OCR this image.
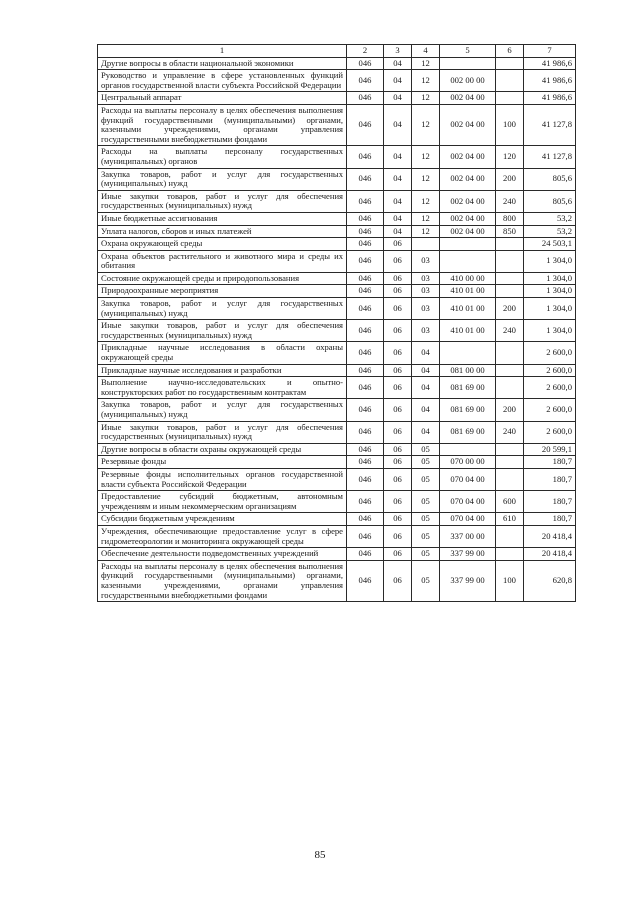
1	2	3	4	5	6	7
Другие вопросы в области национальной экономики	046	04	12			41 986,6
Руководство и управление в сфере установленных функций органов государственной власти субъекта Российской Федерации	046	04	12	002 00 00		41 986,6
Центральный аппарат	046	04	12	002 04 00		41 986,6
Расходы на выплаты персоналу в целях обеспечения выполнения функций государственными (муниципальными) органами, казенными учреждениями, органами управления государственными внебюджетными фондами	046	04	12	002 04 00	100	41 127,8
Расходы на выплаты персоналу государственных (муниципальных) органов	046	04	12	002 04 00	120	41 127,8
Закупка товаров, работ и услуг для государственных (муниципальных) нужд	046	04	12	002 04 00	200	805,6
Иные закупки товаров, работ и услуг для обеспечения государственных (муниципальных) нужд	046	04	12	002 04 00	240	805,6
Иные бюджетные ассигнования	046	04	12	002 04 00	800	53,2
Уплата налогов, сборов и иных платежей	046	04	12	002 04 00	850	53,2
Охрана окружающей среды	046	06				24 503,1
Охрана объектов растительного и животного мира и среды их обитания	046	06	03			1 304,0
Состояние окружающей среды и природопользования	046	06	03	410 00 00		1 304,0
Природоохранные мероприятия	046	06	03	410 01 00		1 304,0
Закупка товаров, работ и услуг для государственных (муниципальных) нужд	046	06	03	410 01 00	200	1 304,0
Иные закупки товаров, работ и услуг для обеспечения государственных (муниципальных) нужд	046	06	03	410 01 00	240	1 304,0
Прикладные научные исследования в области охраны окружающей среды	046	06	04			2 600,0
Прикладные научные исследования и разработки	046	06	04	081 00 00		2 600,0
Выполнение научно-исследовательских и опытно-конструкторских работ по государственным контрактам	046	06	04	081 69 00		2 600,0
Закупка товаров, работ и услуг для государственных (муниципальных) нужд	046	06	04	081 69 00	200	2 600,0
Иные закупки товаров, работ и услуг для обеспечения государственных (муниципальных) нужд	046	06	04	081 69 00	240	2 600,0
Другие вопросы в области охраны окружающей среды	046	06	05			20 599,1
Резервные фонды	046	06	05	070 00 00		180,7
Резервные фонды исполнительных органов государственной власти субъекта Российской Федерации	046	06	05	070 04 00		180,7
Предоставление субсидий бюджетным, автономным учреждениям и иным некоммерческим организациям	046	06	05	070 04 00	600	180,7
Субсидии бюджетным учреждениям	046	06	05	070 04 00	610	180,7
Учреждения, обеспечивающие предоставление услуг в сфере гидрометеорологии и мониторинга окружающей среды	046	06	05	337 00 00		20 418,4
Обеспечение деятельности подведомственных учреждений	046	06	05	337 99 00		20 418,4
Расходы на выплаты персоналу в целях обеспечения выполнения функций государственными (муниципальными) органами, казенными учреждениями, органами управления государственными внебюджетными фондами	046	06	05	337 99 00	100	620,8
85
